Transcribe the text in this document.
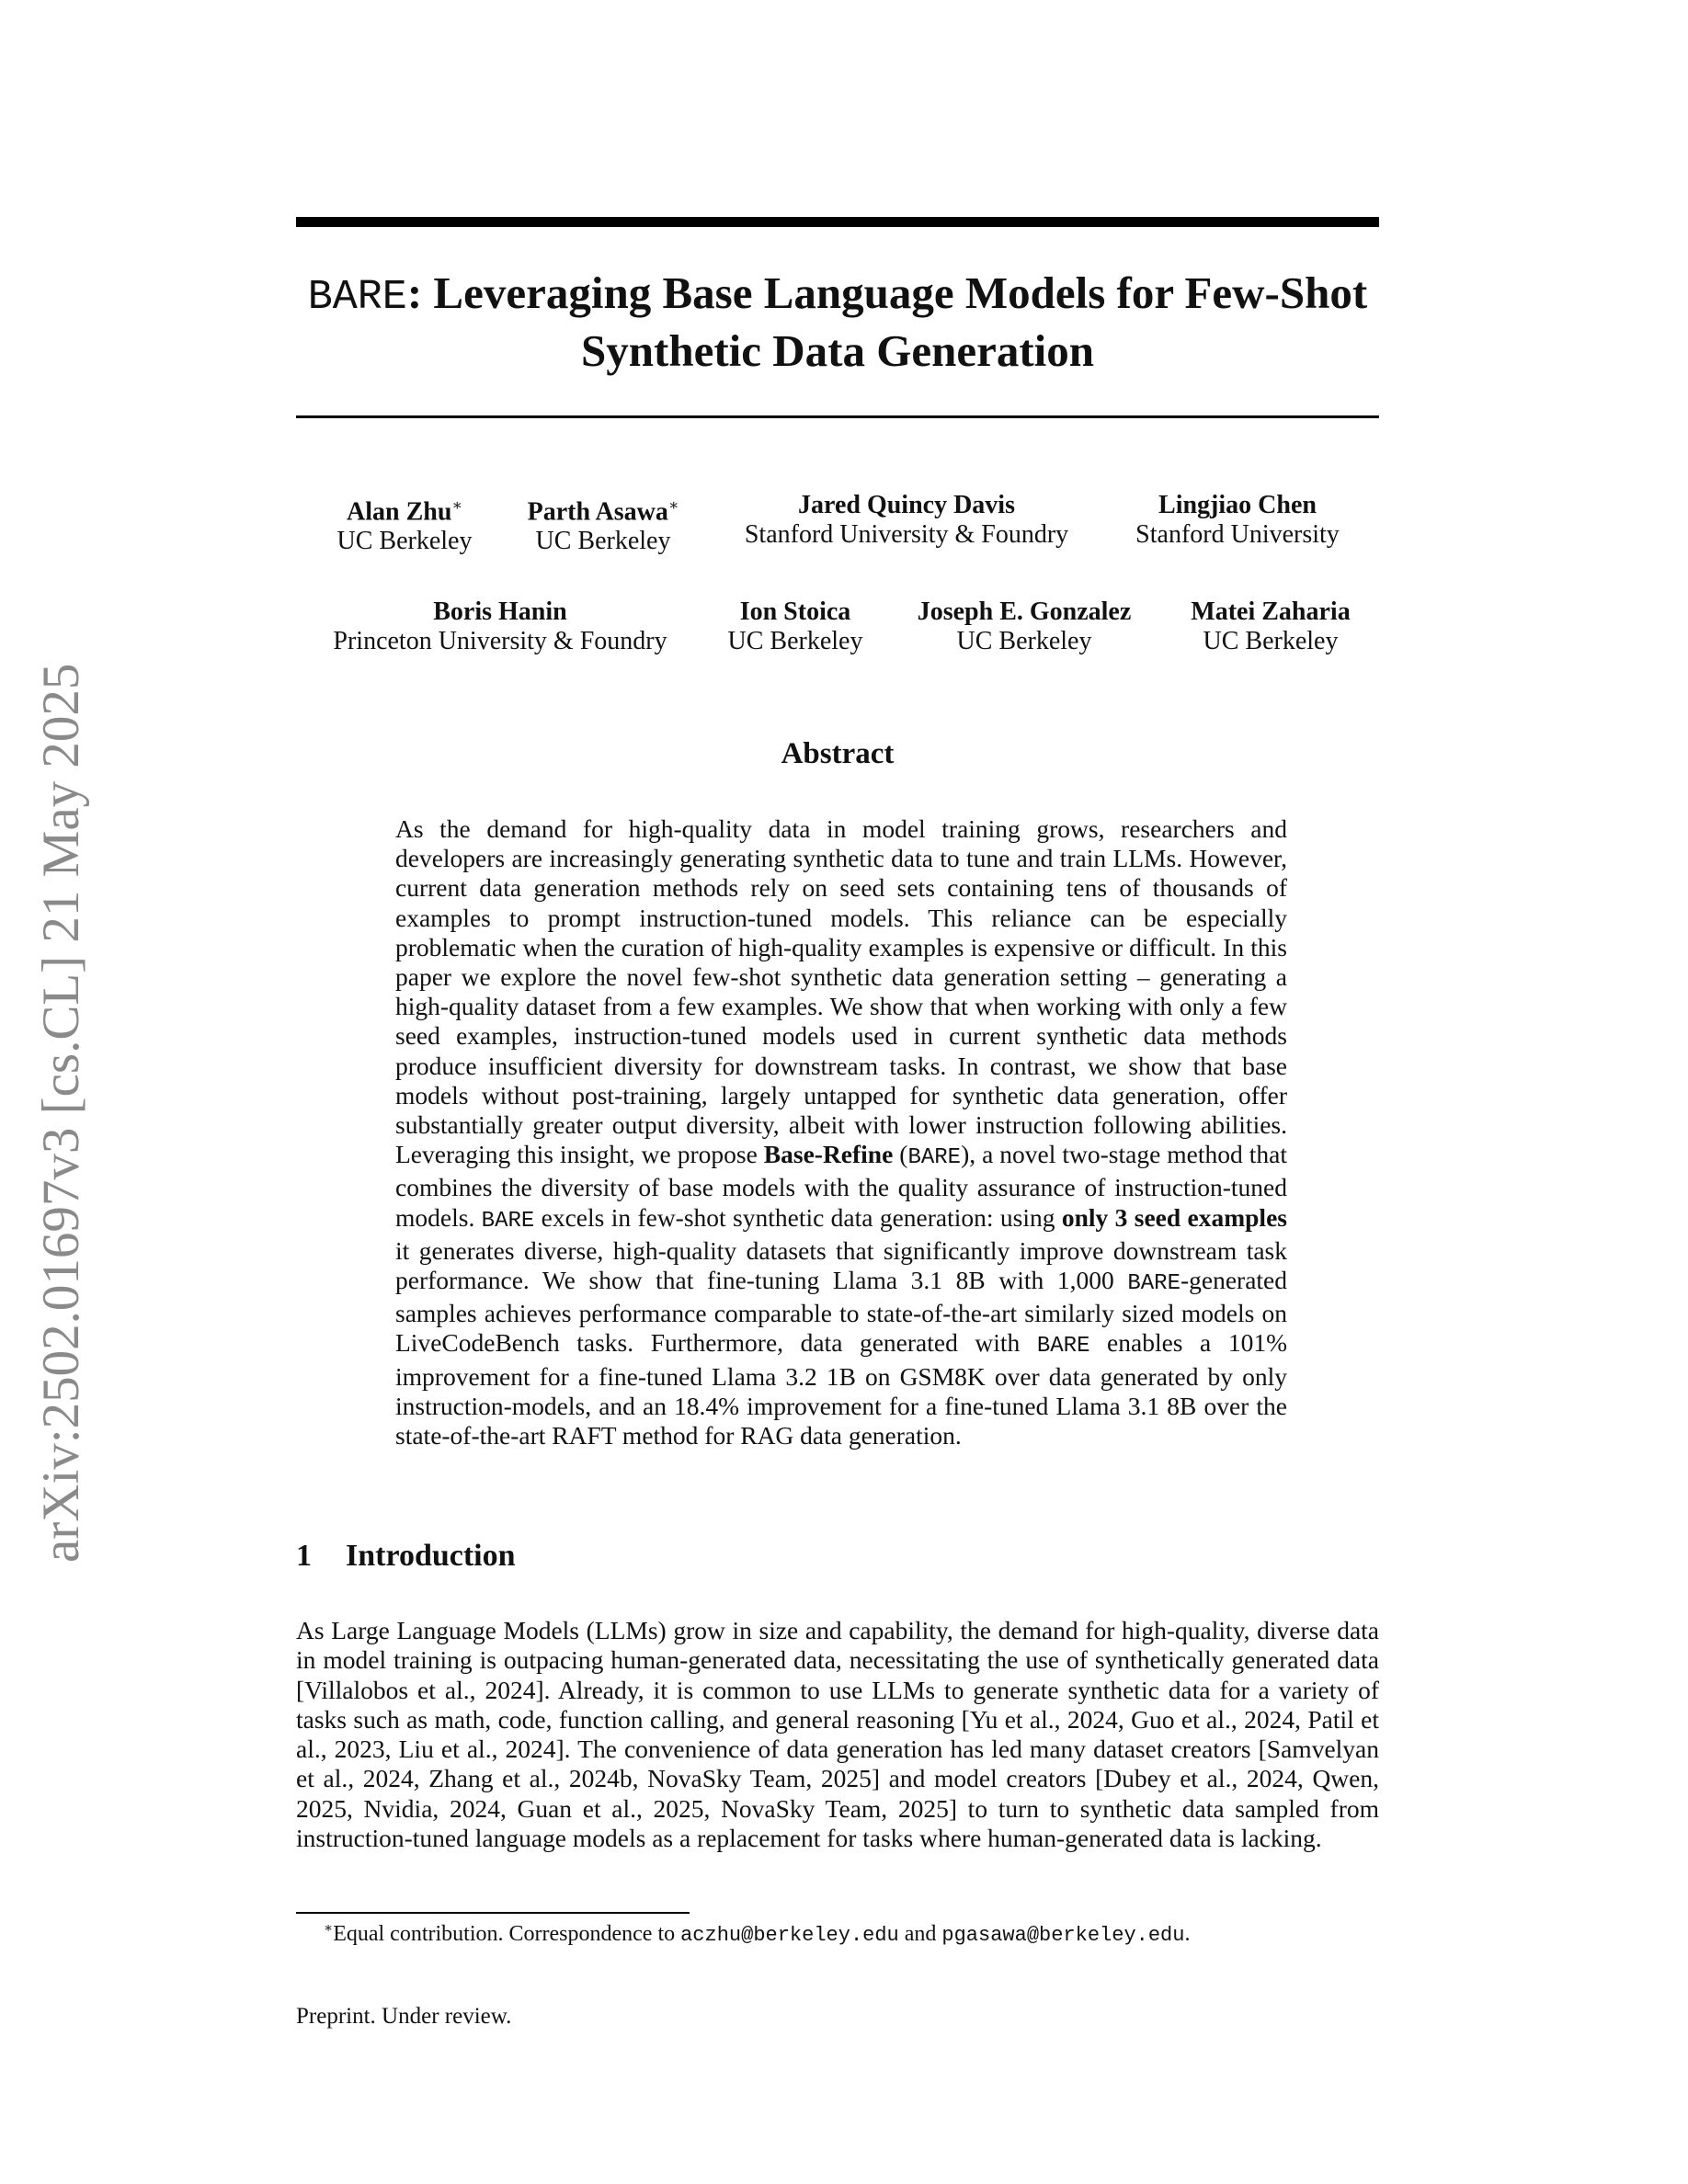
arXiv:2502.01697v3 [cs.CL] 21 May 2025
BARE: Leveraging Base Language Models for Few-Shot
Synthetic Data Generation
Alan Zhu∗
UC Berkeley
Parth Asawa∗
UC Berkeley
Jared Quincy Davis
Stanford University & Foundry
Lingjiao Chen
Stanford University
Boris Hanin
Princeton University & Foundry
Ion Stoica
UC Berkeley
Joseph E. Gonzalez
UC Berkeley
Matei Zaharia
UC Berkeley
Abstract
As the demand for high-quality data in model training grows, researchers and developers are increasingly generating synthetic data to tune and train LLMs. However, current data generation methods rely on seed sets containing tens of thousands of examples to prompt instruction-tuned models. This reliance can be especially problematic when the curation of high-quality examples is expensive or difficult. In this paper we explore the novel few-shot synthetic data generation setting – generating a high-quality dataset from a few examples. We show that when working with only a few seed examples, instruction-tuned models used in current synthetic data methods produce insufficient diversity for downstream tasks. In contrast, we show that base models without post-training, largely untapped for synthetic data generation, offer substantially greater output diversity, albeit with lower instruction following abilities. Leveraging this insight, we propose Base-Refine (BARE), a novel two-stage method that combines the diversity of base models with the quality assurance of instruction-tuned models. BARE excels in few-shot synthetic data generation: using only 3 seed examples it generates diverse, high-quality datasets that significantly improve downstream task performance. We show that fine-tuning Llama 3.1 8B with 1,000 BARE-generated samples achieves performance comparable to state-of-the-art similarly sized models on LiveCodeBench tasks. Furthermore, data generated with BARE enables a 101% improvement for a fine-tuned Llama 3.2 1B on GSM8K over data generated by only instruction-models, and an 18.4% improvement for a fine-tuned Llama 3.1 8B over the state-of-the-art RAFT method for RAG data generation.
1 Introduction
As Large Language Models (LLMs) grow in size and capability, the demand for high-quality, diverse data in model training is outpacing human-generated data, necessitating the use of synthetically generated data [Villalobos et al., 2024]. Already, it is common to use LLMs to generate synthetic data for a variety of tasks such as math, code, function calling, and general reasoning [Yu et al., 2024, Guo et al., 2024, Patil et al., 2023, Liu et al., 2024]. The convenience of data generation has led many dataset creators [Samvelyan et al., 2024, Zhang et al., 2024b, NovaSky Team, 2025] and model creators [Dubey et al., 2024, Qwen, 2025, Nvidia, 2024, Guan et al., 2025, NovaSky Team, 2025] to turn to synthetic data sampled from instruction-tuned language models as a replacement for tasks where human-generated data is lacking.
∗Equal contribution. Correspondence to aczhu@berkeley.edu and pgasawa@berkeley.edu.
Preprint. Under review.
